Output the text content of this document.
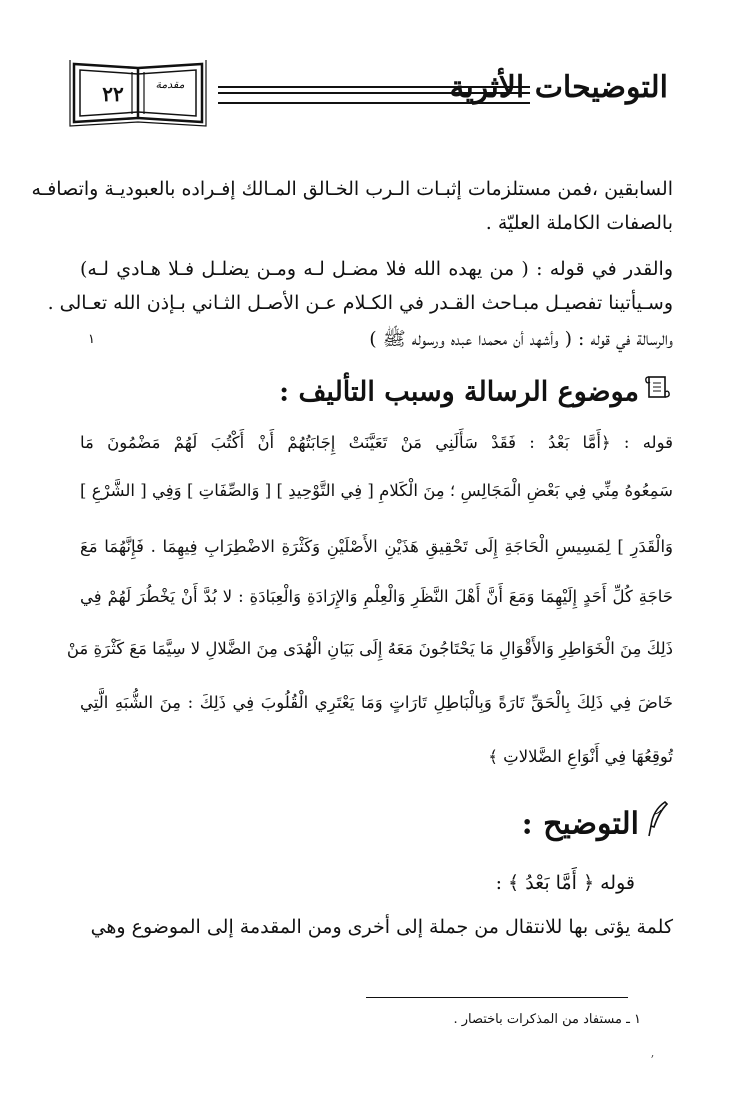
التوضيحات الأثرية
٢٢	مقدمة
السابقين ،فمن مستلزمات إثبـات الـرب الخـالق المـالك إفـراده بالعبوديـة واتصافـه
بالصفات الكاملة العليّة .
والقدر في قوله : ( من يهده الله فلا مضـل لـه ومـن يضلـل فـلا هـادي لـه)
وسـيأتينا تفصيـل مبـاحث القـدر في الكـلام عـن الأصـل الثـاني بـإذن الله تعـالى .
والرسالة في قوله : ( وأشهد أن محمدا عبده ورسوله ﷺ )
١
موضوع الرسالة وسبب التأليف :
قوله : ﴿أَمَّا بَعْدُ : فَقَدْ سَأَلَنِي مَنْ تَعَيَّنَتْ إِجَابَتُهُمْ أَنْ أَكْتُبَ لَهُمْ مَضْمُونَ مَا
سَمِعُوهُ مِنِّي فِي بَعْضِ الْمَجَالِسِ ؛ مِنَ الْكَلامِ [ فِي التَّوْحِيدِ ] [ وَالصِّفَاتِ ] وَفِي [ الشَّرْعِ ]
وَالْقَدَرِ ] لِمَسِيسِ الْحَاجَةِ إِلَى تَحْقِيقِ هَذَيْنِ الأَصْلَيْنِ وَكَثْرَةِ الاضْطِرَابِ فِيهِمَا . فَإِنَّهُمَا مَعَ
حَاجَةِ كُلِّ أَحَدٍ إِلَيْهِمَا وَمَعَ أَنَّ أَهْلَ النَّظَرِ وَالْعِلْمِ وَالإِرَادَةِ وَالْعِبَادَةِ : لا بُدَّ أَنْ يَخْطُرَ لَهُمْ فِي
ذَلِكَ مِنَ الْخَوَاطِرِ وَالأَقْوَالِ مَا يَحْتَاجُونَ مَعَهُ إِلَى بَيَانِ الْهُدَى مِنَ الضَّلالِ لا سِيَّمَا مَعَ كَثْرَةِ مَنْ
خَاضَ فِي ذَلِكَ بِالْحَقِّ تَارَةً وَبِالْبَاطِلِ تَارَاتٍ وَمَا يَعْتَرِي الْقُلُوبَ فِي ذَلِكَ : مِنَ الشُّبَهِ الَّتِي
تُوقِعُهَا فِي أَنْوَاعِ الضَّلالاتِ ﴾
التوضيح :
قوله ﴿ أَمَّا بَعْدُ ﴾ :
كلمة يؤتى بها للانتقال من جملة إلى أخرى ومن المقدمة إلى الموضوع وهي
١ ـ مستفاد من المذكرات باختصار .
ʼ
